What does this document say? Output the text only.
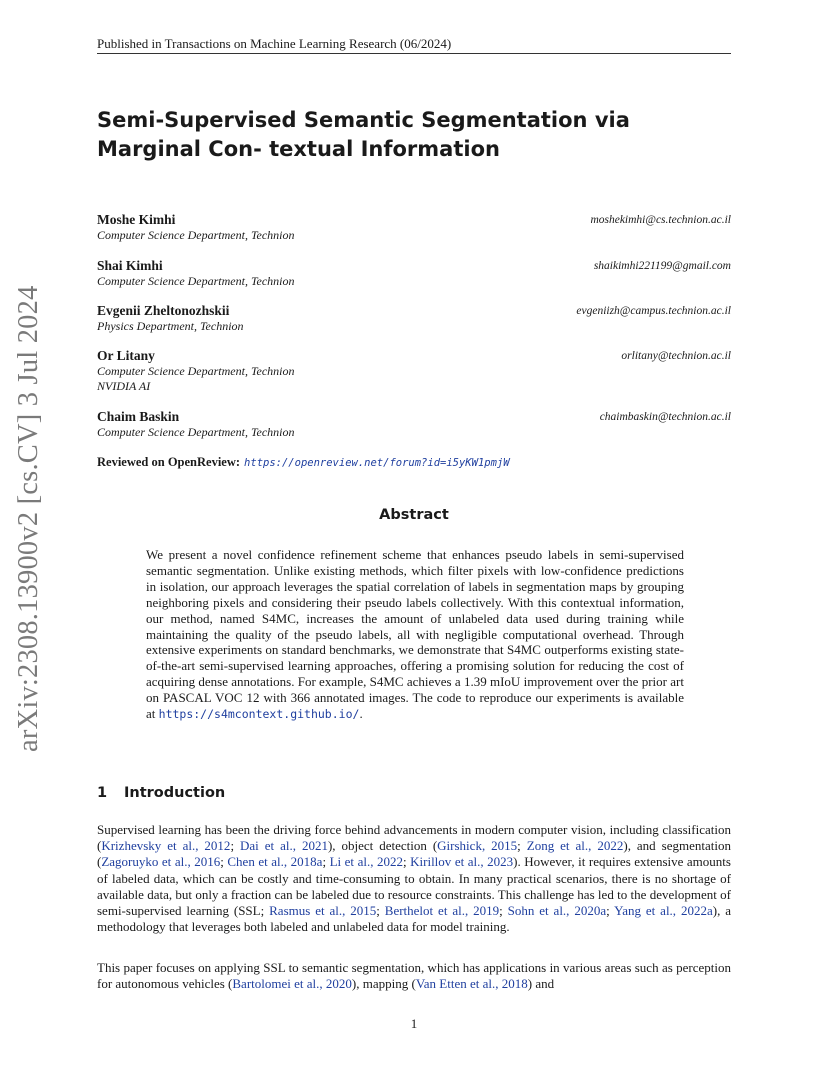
Published in Transactions on Machine Learning Research (06/2024)
arXiv:2308.13900v2 [cs.CV] 3 Jul 2024
Semi-Supervised Semantic Segmentation via Marginal Con- textual Information
Moshe Kimhi
Computer Science Department, Technion
moshekimhi@cs.technion.ac.il
Shai Kimhi
Computer Science Department, Technion
shaikimhi221199@gmail.com
Evgenii Zheltonozhskii
Physics Department, Technion
evgeniizh@campus.technion.ac.il
Or Litany
Computer Science Department, Technion
NVIDIA AI
orlitany@technion.ac.il
Chaim Baskin
Computer Science Department, Technion
chaimbaskin@technion.ac.il
Reviewed on OpenReview: https://openreview.net/forum?id=i5yKW1pmjW
Abstract
We present a novel confidence refinement scheme that enhances pseudo labels in semi-supervised semantic segmentation. Unlike existing methods, which filter pixels with low-confidence predictions in isolation, our approach leverages the spatial correlation of labels in segmentation maps by grouping neighboring pixels and considering their pseudo labels collectively. With this contextual information, our method, named S4MC, increases the amount of unlabeled data used during training while maintaining the quality of the pseudo labels, all with negligible computational overhead. Through extensive experiments on standard benchmarks, we demonstrate that S4MC outperforms existing state-of-the-art semi-supervised learning approaches, offering a promising solution for reducing the cost of acquiring dense annotations. For example, S4MC achieves a 1.39 mIoU improvement over the prior art on PASCAL VOC 12 with 366 annotated images. The code to reproduce our experiments is available at https://s4mcontext.github.io/.
1 Introduction
Supervised learning has been the driving force behind advancements in modern computer vision, including classification (Krizhevsky et al., 2012; Dai et al., 2021), object detection (Girshick, 2015; Zong et al., 2022), and segmentation (Zagoruyko et al., 2016; Chen et al., 2018a; Li et al., 2022; Kirillov et al., 2023). However, it requires extensive amounts of labeled data, which can be costly and time-consuming to obtain. In many practical scenarios, there is no shortage of available data, but only a fraction can be labeled due to resource constraints. This challenge has led to the development of semi-supervised learning (SSL; Rasmus et al., 2015; Berthelot et al., 2019; Sohn et al., 2020a; Yang et al., 2022a), a methodology that leverages both labeled and unlabeled data for model training.
This paper focuses on applying SSL to semantic segmentation, which has applications in various areas such as perception for autonomous vehicles (Bartolomei et al., 2020), mapping (Van Etten et al., 2018) and
1
